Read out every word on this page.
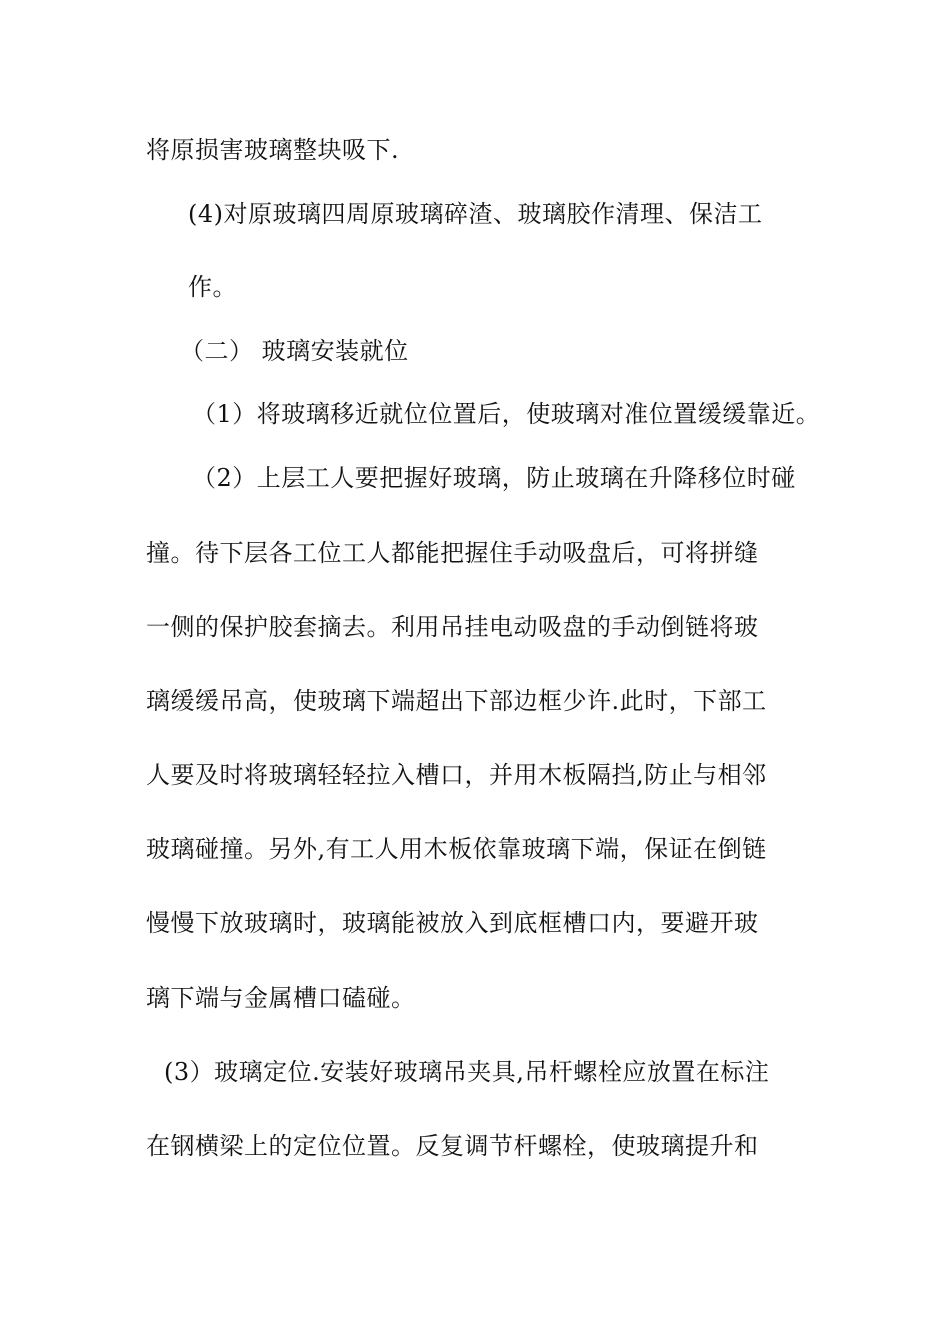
将原损害玻璃整块吸下.
(4)对原玻璃四周原玻璃碎渣、玻璃胶作清理、保洁工
作。
（二） 玻璃安装就位
（1）将玻璃移近就位位置后，使玻璃对准位置缓缓靠近。
（2）上层工人要把握好玻璃，防止玻璃在升降移位时碰
撞。待下层各工位工人都能把握住手动吸盘后，可将拼缝
一侧的保护胶套摘去。利用吊挂电动吸盘的手动倒链将玻
璃缓缓吊高，使玻璃下端超出下部边框少许.此时，下部工
人要及时将玻璃轻轻拉入槽口，并用木板隔挡,防止与相邻
玻璃碰撞。另外,有工人用木板依靠玻璃下端，保证在倒链
慢慢下放玻璃时，玻璃能被放入到底框槽口内，要避开玻
璃下端与金属槽口磕碰。
(3）玻璃定位.安装好玻璃吊夹具,吊杆螺栓应放置在标注
在钢横梁上的定位位置。反复调节杆螺栓，使玻璃提升和
